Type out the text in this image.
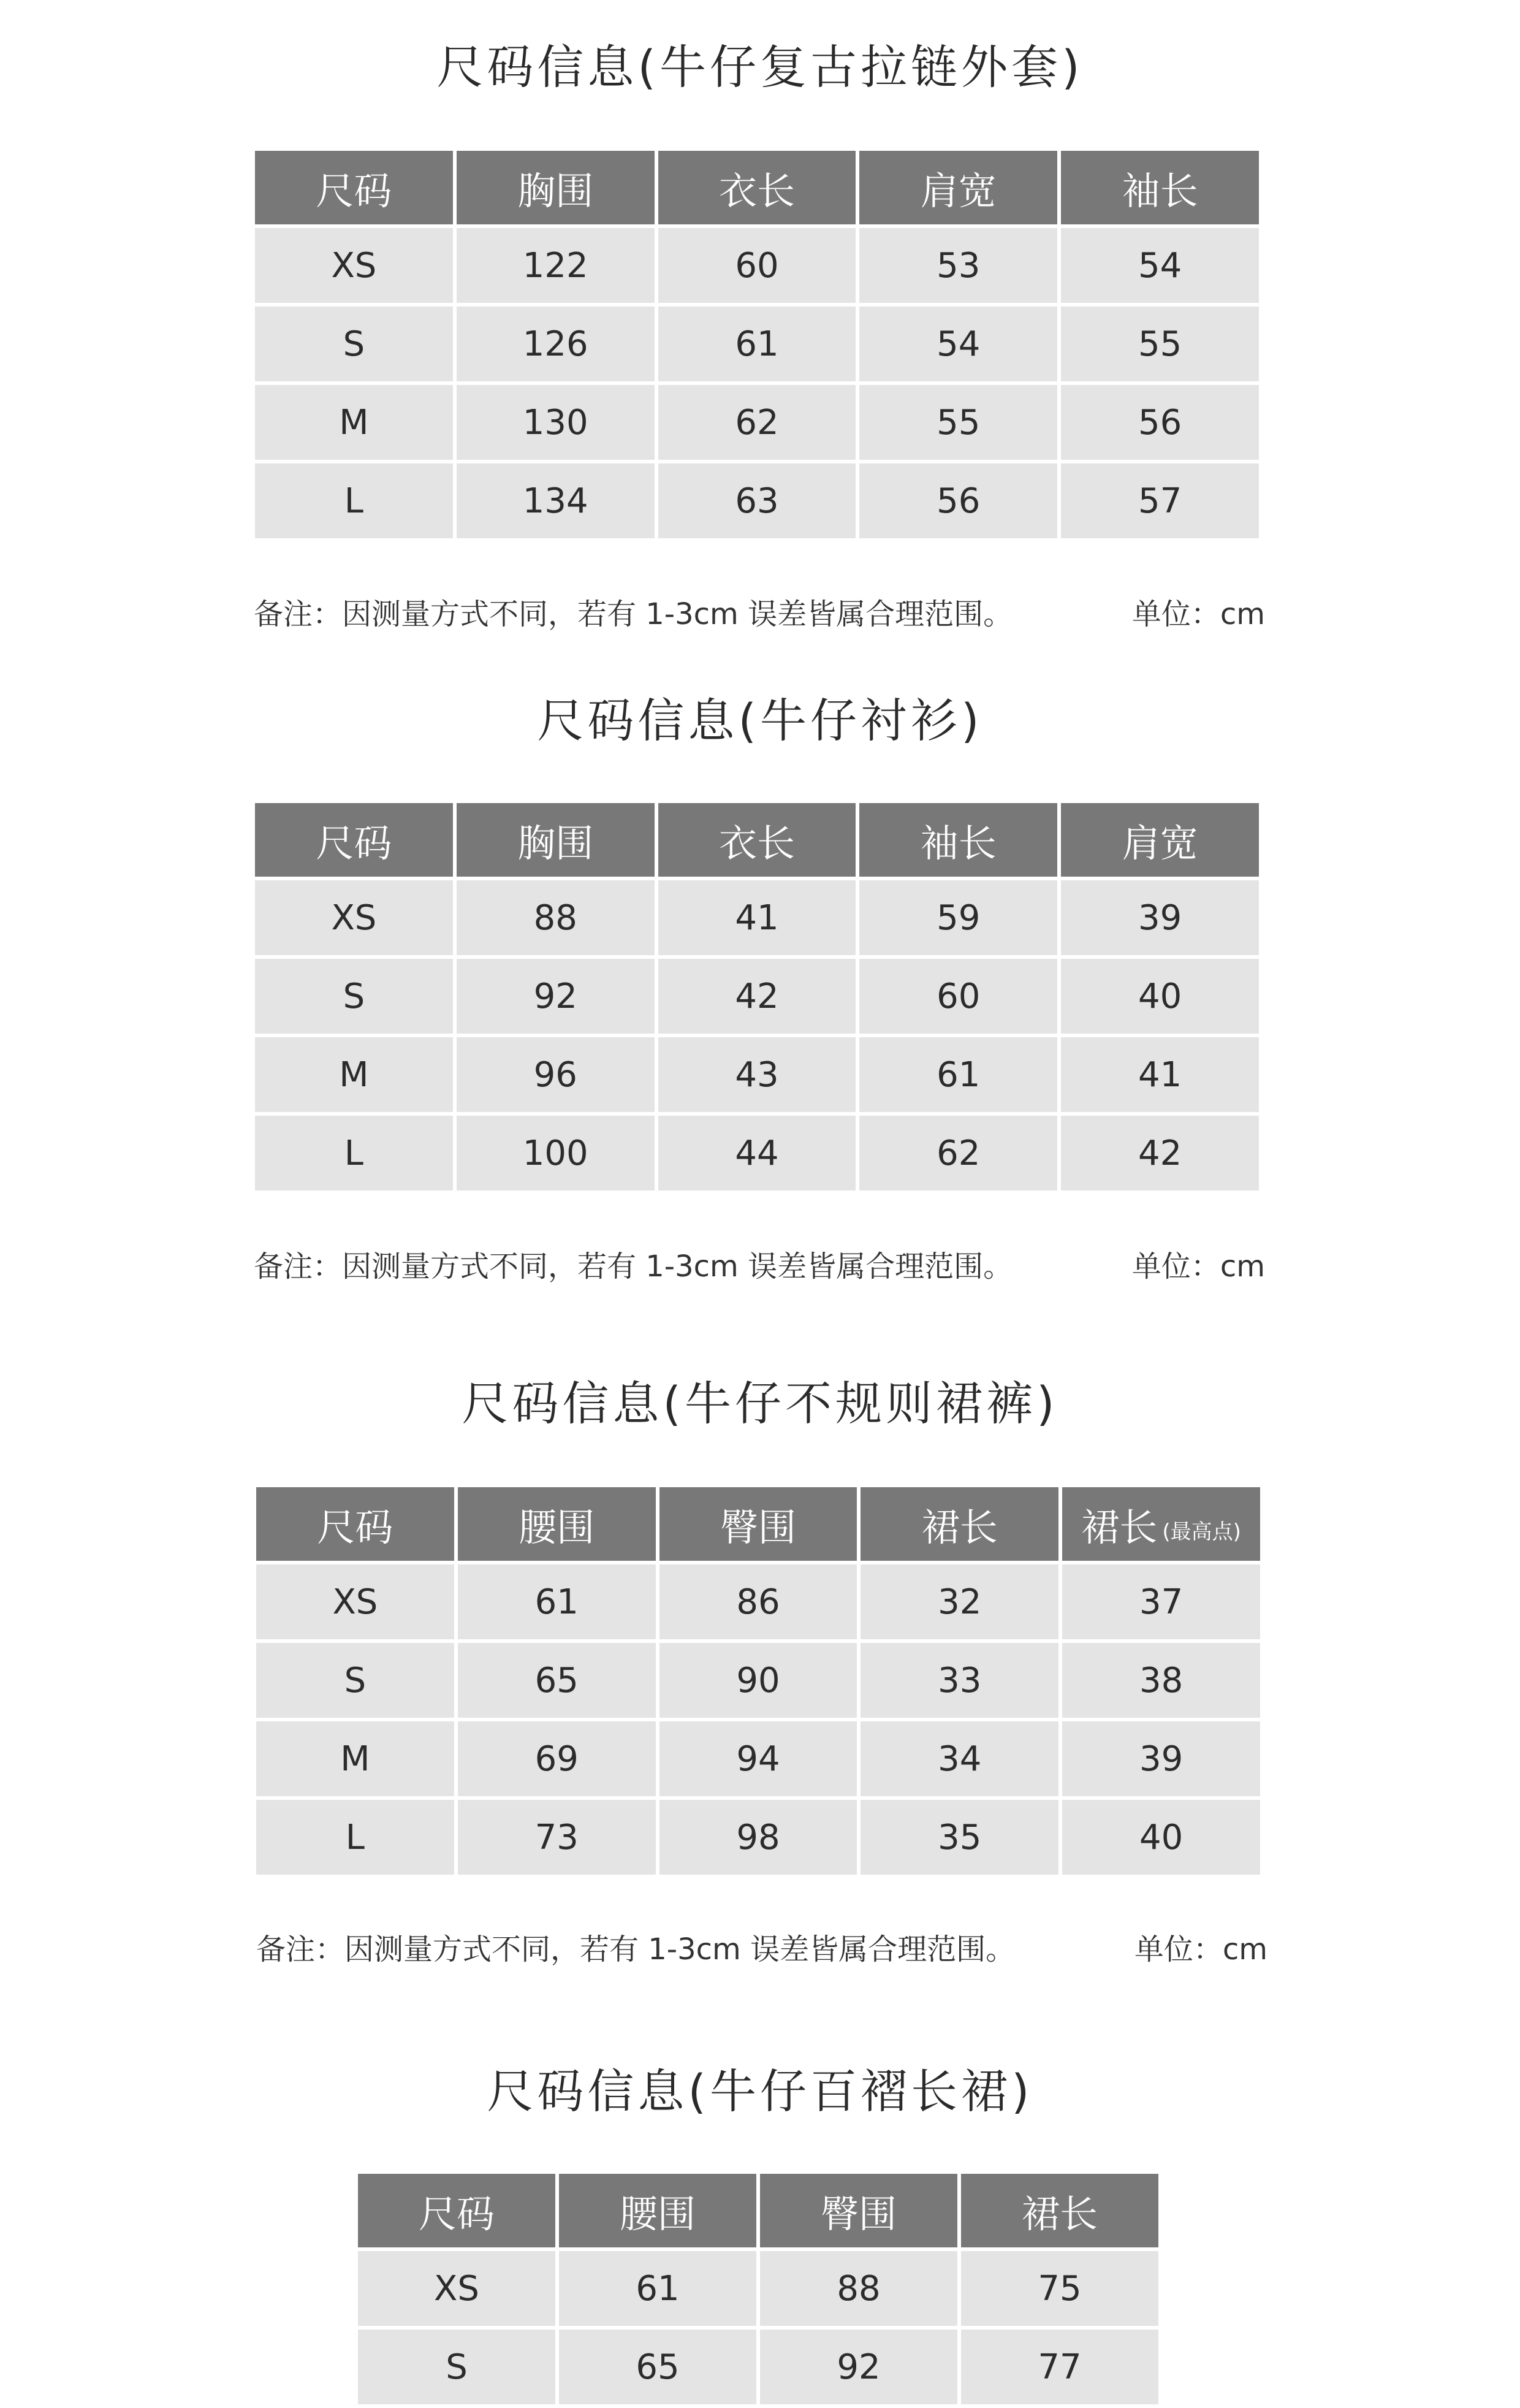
尺码信息(牛仔复古拉链外套)
尺码	胸围	衣长	肩宽	袖长
XS	122	60	53	54
S	126	61	54	55
M	130	62	55	56
L	134	63	56	57
备注：因测量方式不同，若有 1-3cm 误差皆属合理范围。	单位：cm
尺码信息(牛仔衬衫)
尺码	胸围	衣长	袖长	肩宽
XS	88	41	59	39
S	92	42	60	40
M	96	43	61	41
L	100	44	62	42
备注：因测量方式不同，若有 1-3cm 误差皆属合理范围。	单位：cm
尺码信息(牛仔不规则裙裤)
尺码	腰围	臀围	裙长	裙长 (最高点)
XS	61	86	32	37
S	65	90	33	38
M	69	94	34	39
L	73	98	35	40
备注：因测量方式不同，若有 1-3cm 误差皆属合理范围。	单位：cm
尺码信息(牛仔百褶长裙)
尺码	腰围	臀围	裙长
XS	61	88	75
S	65	92	77
